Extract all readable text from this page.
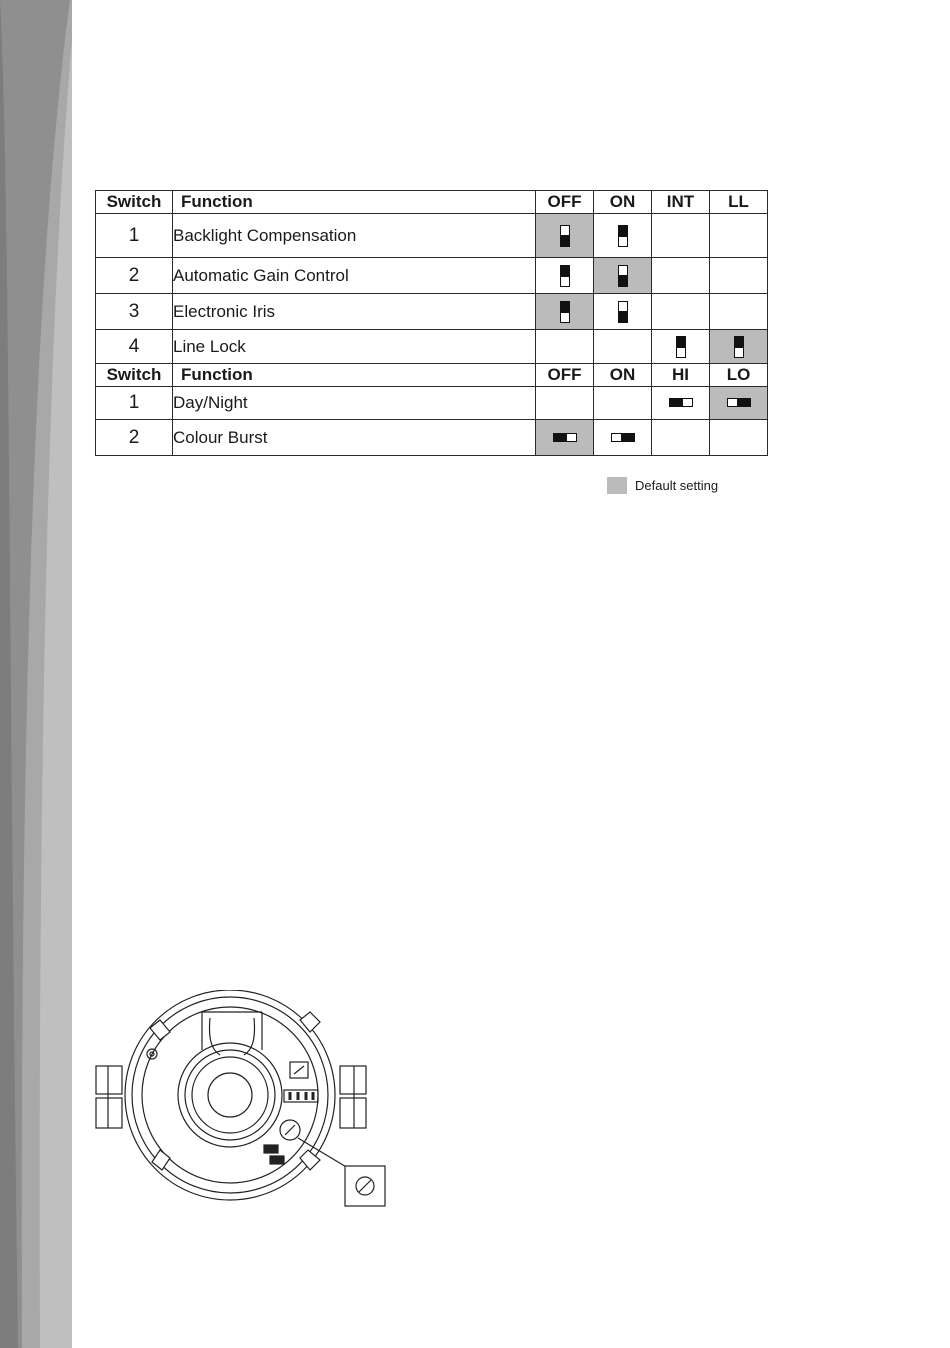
Switch	Function	OFF	ON	INT	LL
1	Backlight Compensation				
2	Automatic Gain Control				
3	Electronic Iris				
4	Line Lock				
Switch	Function	OFF	ON	HI	LO
1	Day/Night				
2	Colour Burst				
Default setting
